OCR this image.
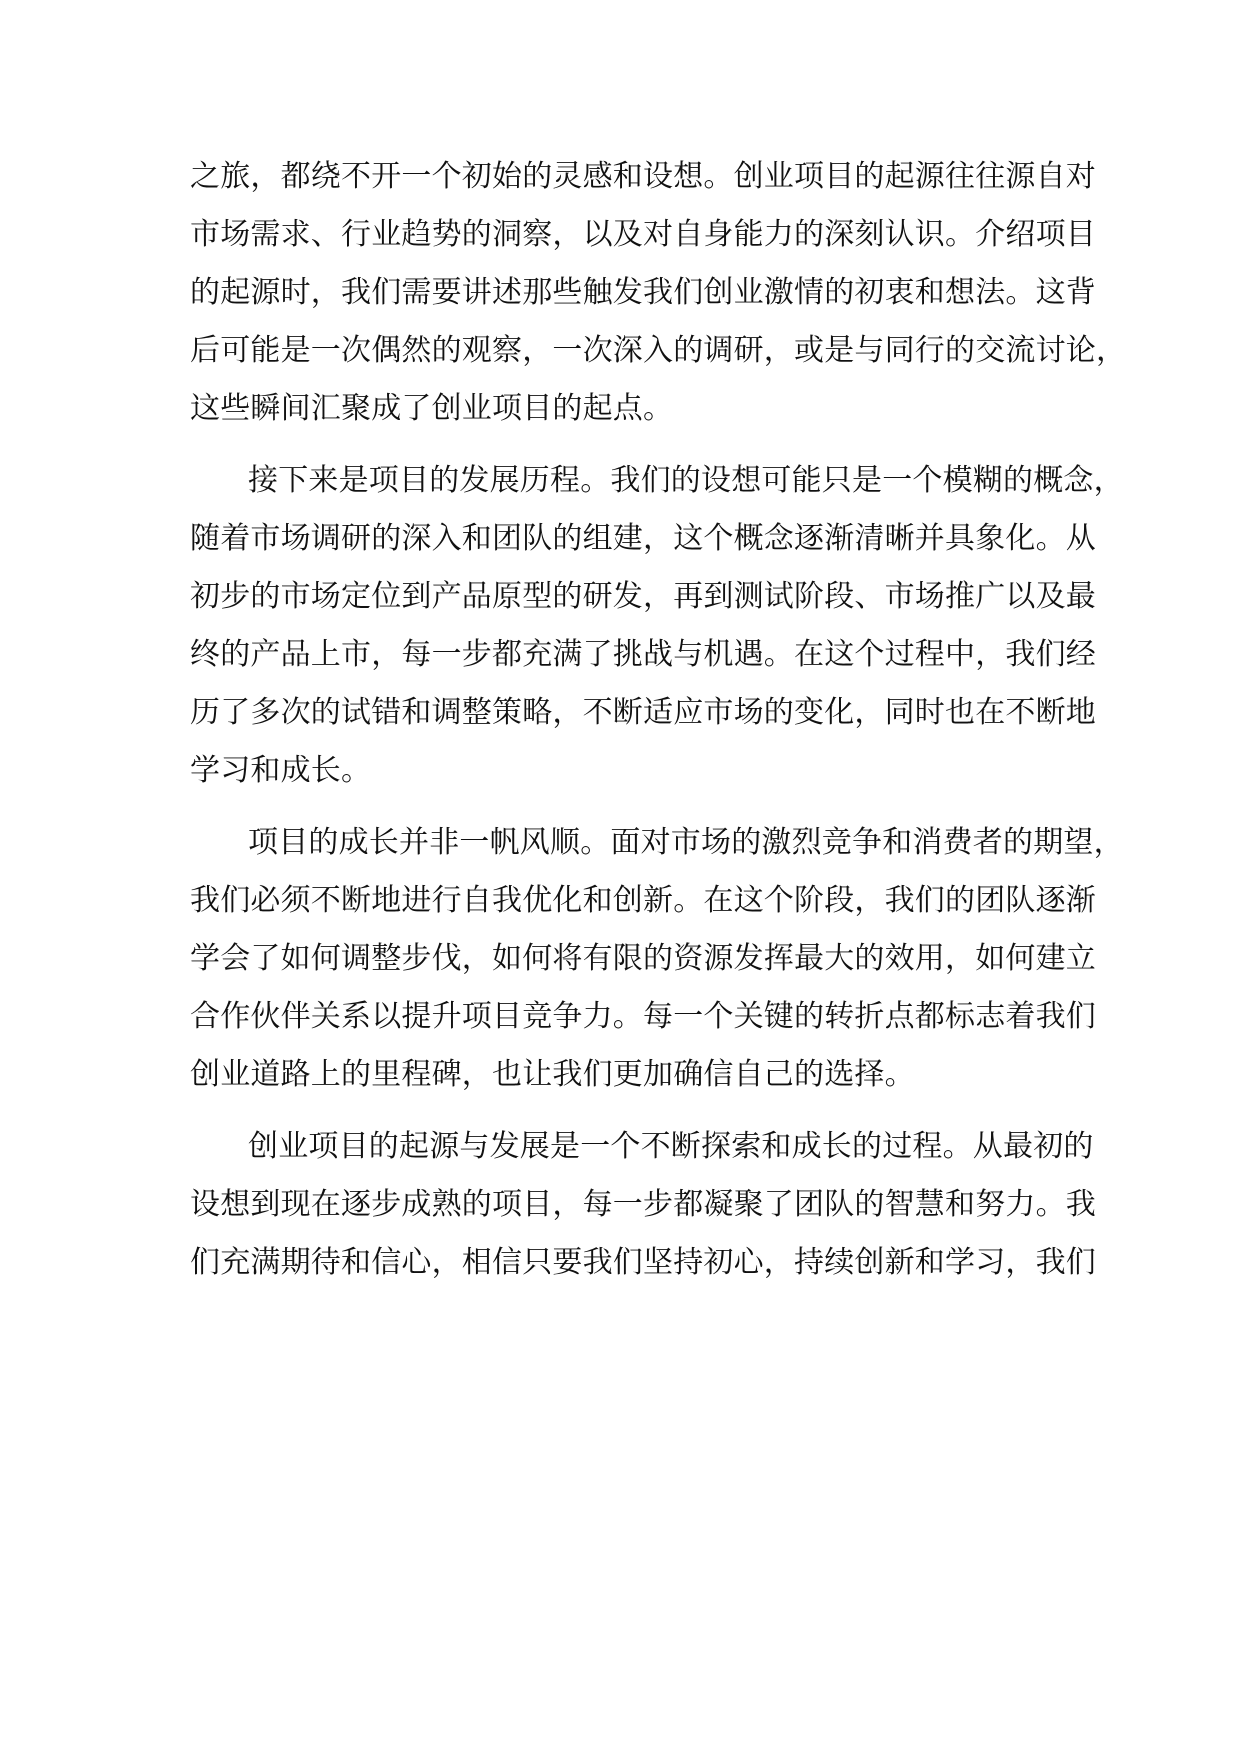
之旅，都绕不开一个初始的灵感和设想。创业项目的起源往往源自对
市场需求、行业趋势的洞察，以及对自身能力的深刻认识。介绍项目
的起源时，我们需要讲述那些触发我们创业激情的初衷和想法。这背
后可能是一次偶然的观察，一次深入的调研，或是与同行的交流讨论，
这些瞬间汇聚成了创业项目的起点。
接下来是项目的发展历程。我们的设想可能只是一个模糊的概念，
随着市场调研的深入和团队的组建，这个概念逐渐清晰并具象化。从
初步的市场定位到产品原型的研发，再到测试阶段、市场推广以及最
终的产品上市，每一步都充满了挑战与机遇。在这个过程中，我们经
历了多次的试错和调整策略，不断适应市场的变化，同时也在不断地
学习和成长。
项目的成长并非一帆风顺。面对市场的激烈竞争和消费者的期望，
我们必须不断地进行自我优化和创新。在这个阶段，我们的团队逐渐
学会了如何调整步伐，如何将有限的资源发挥最大的效用，如何建立
合作伙伴关系以提升项目竞争力。每一个关键的转折点都标志着我们
创业道路上的里程碑，也让我们更加确信自己的选择。
创业项目的起源与发展是一个不断探索和成长的过程。从最初的
设想到现在逐步成熟的项目，每一步都凝聚了团队的智慧和努力。我
们充满期待和信心，相信只要我们坚持初心，持续创新和学习，我们
